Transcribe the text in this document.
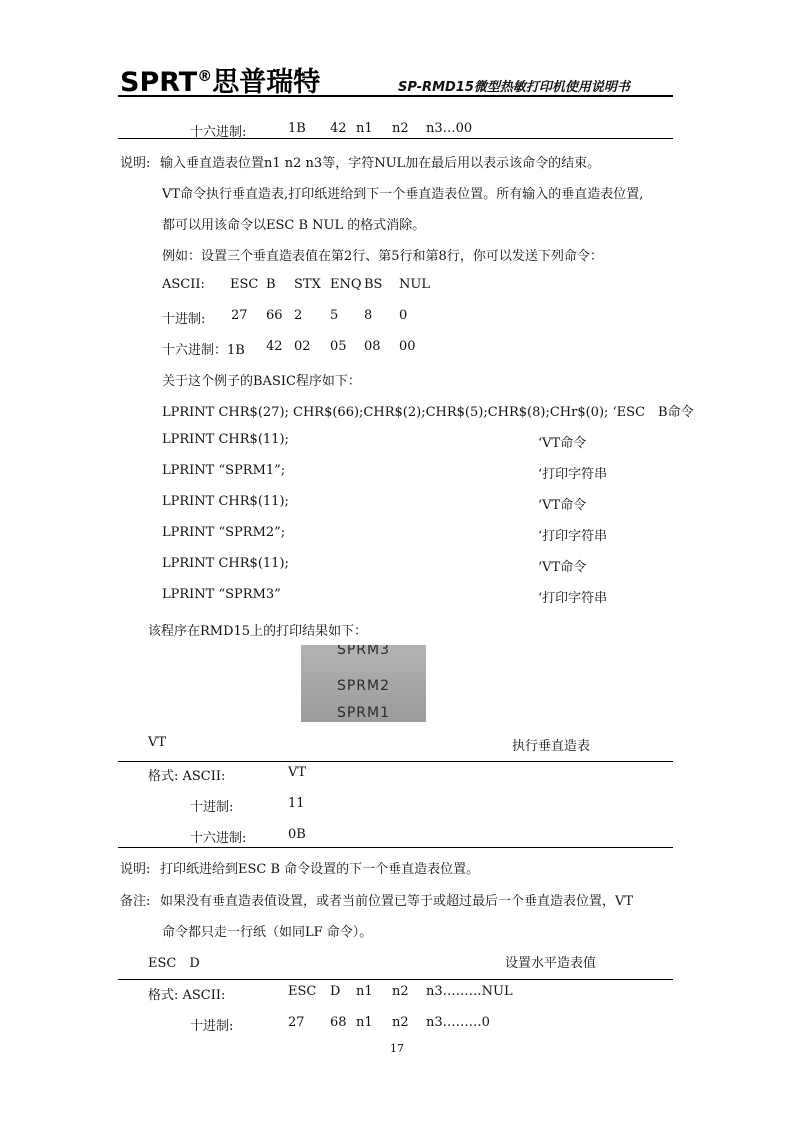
SPRT®思普瑞特	SP-RMD15微型热敏打印机使用说明书
十六进制:	1B 42 n1 n2 n3…00
说明: 输入垂直造表位置n1 n2 n3等，字符NUL加在最后用以表示该命令的结束。
VT命令执行垂直造表,打印纸进给到下一个垂直造表位置。所有输入的垂直造表位置,
都可以用该命令以ESC B NUL 的格式消除。
例如：设置三个垂直造表值在第2行、第5行和第8行，你可以发送下列命令：
ASCII: ESC B STX ENQ BS NUL
十进制: 27 66 2 5 8 0
十六进制：1B 42 02 05 08 00
关于这个例子的BASIC程序如下：
LPRINT CHR$(27); CHR$(66);CHR$(2);CHR$(5);CHR$(8);CHr$(0); ‘ESC　B命令
LPRINT CHR$(11);	‘VT命令
LPRINT “SPRM1”;	‘打印字符串
LPRINT CHR$(11);	‘VT命令
LPRINT “SPRM2”;	‘打印字符串
LPRINT CHR$(11);	‘VT命令
LPRINT “SPRM3”	‘打印字符串
该程序在RMD15上的打印结果如下：
SPRM3
SPRM2
SPRM1
VT	执行垂直造表
格式: ASCII:	VT
十进制:	11
十六进制:	0B
说明: 打印纸进给到ESC B 命令设置的下一个垂直造表位置。
备注: 如果没有垂直造表值设置，或者当前位置已等于或超过最后一个垂直造表位置，VT
命令都只走一行纸（如同LF 命令）。
ESC　D	设置水平造表值
格式: ASCII:	ESC D n1 n2 n3………NUL
十进制:	27 68 n1 n2 n3………0
17
